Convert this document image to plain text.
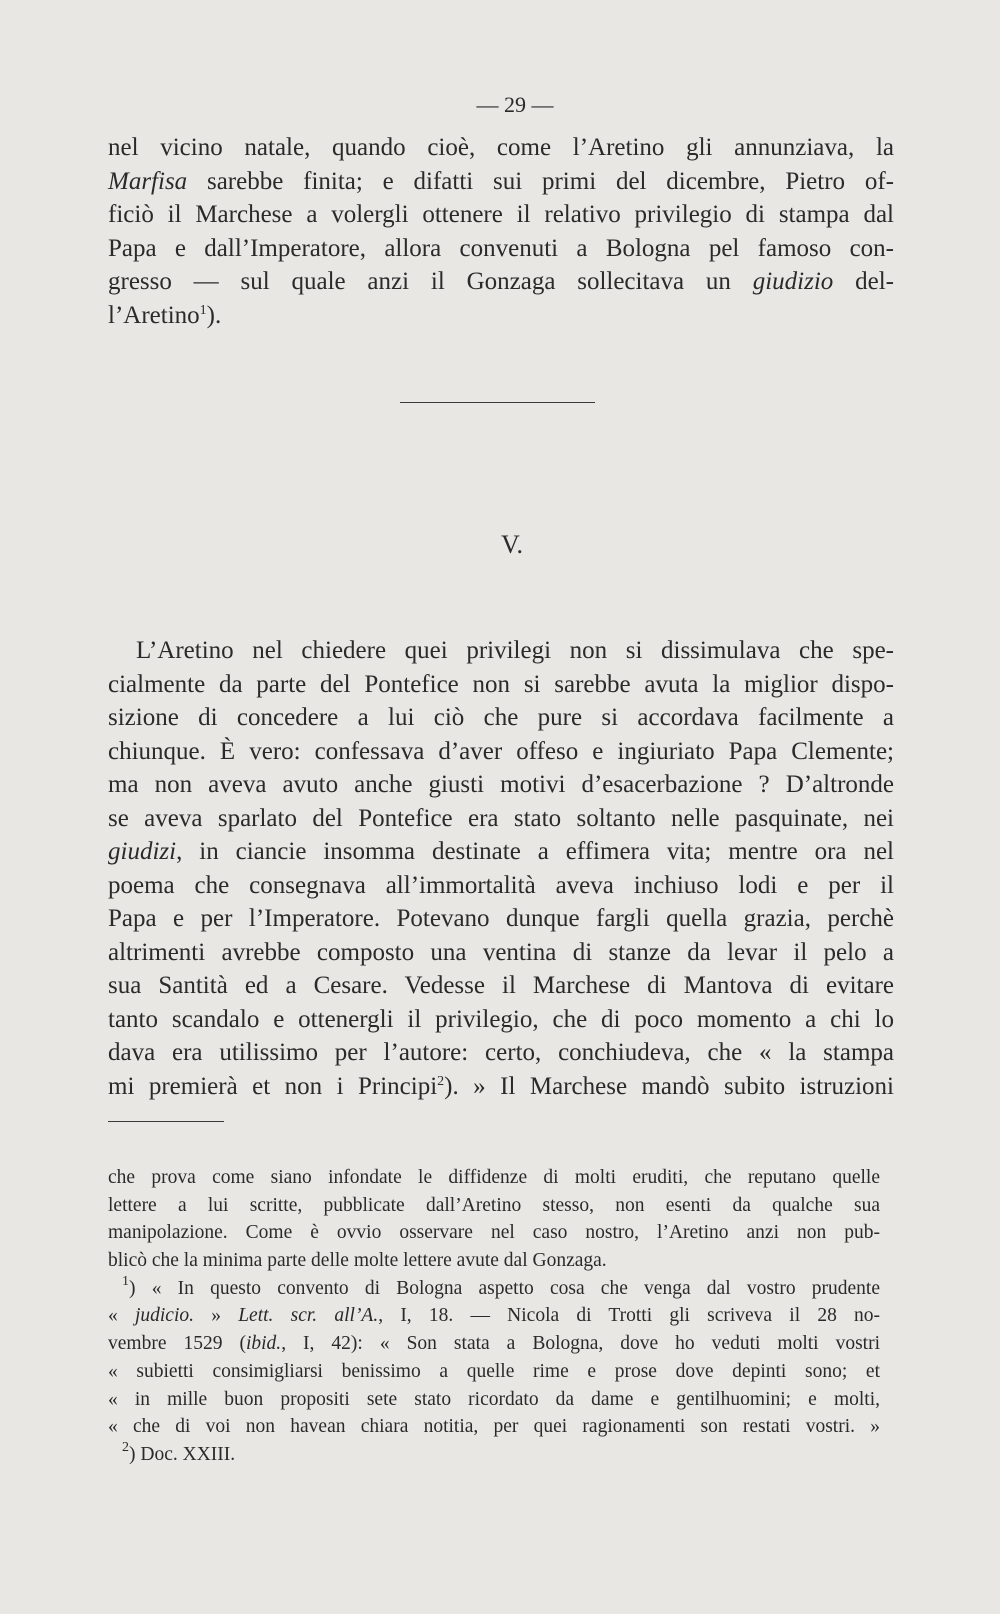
— 29 —
nel vicino natale, quando cioè, come l’Aretino gli annunziava, la
Marfisa sarebbe finita; e difatti sui primi del dicembre, Pietro of-
ficiò il Marchese a volergli ottenere il relativo privilegio di stampa dal
Papa e dall’Imperatore, allora convenuti a Bologna pel famoso con-
gresso — sul quale anzi il Gonzaga sollecitava un giudizio del-
l’Aretino$^1$).
V.
L’Aretino nel chiedere quei privilegi non si dissimulava che spe-
cialmente da parte del Pontefice non si sarebbe avuta la miglior dispo-
sizione di concedere a lui ciò che pure si accordava facilmente a
chiunque. È vero: confessava d’aver offeso e ingiuriato Papa Clemente;
ma non aveva avuto anche giusti motivi d’esacerbazione ? D’altronde
se aveva sparlato del Pontefice era stato soltanto nelle pasquinate, nei
giudizi, in ciancie insomma destinate a effimera vita; mentre ora nel
poema che consegnava all’immortalità aveva inchiuso lodi e per il
Papa e per l’Imperatore. Potevano dunque fargli quella grazia, perchè
altrimenti avrebbe composto una ventina di stanze da levar il pelo a
sua Santità ed a Cesare. Vedesse il Marchese di Mantova di evitare
tanto scandalo e ottenergli il privilegio, che di poco momento a chi lo
dava era utilissimo per l’autore: certo, conchiudeva, che « la stampa
mi premierà et non i Principi$^2$). » Il Marchese mandò subito istruzioni
che prova come siano infondate le diffidenze di molti eruditi, che reputano quelle
lettere a lui scritte, pubblicate dall’Aretino stesso, non esenti da qualche sua
manipolazione. Come è ovvio osservare nel caso nostro, l’Aretino anzi non pub-
blicò che la minima parte delle molte lettere avute dal Gonzaga.
$^1$) « In questo convento di Bologna aspetto cosa che venga dal vostro prudente
« judicio. » Lett. scr. all’A., I, 18. — Nicola di Trotti gli scriveva il 28 no-
vembre 1529 (ibid., I, 42): « Son stata a Bologna, dove ho veduti molti vostri
« subietti consimigliarsi benissimo a quelle rime e prose dove depinti sono; et
« in mille buon propositi sete stato ricordato da dame e gentilhuomini; e molti,
« che di voi non havean chiara notitia, per quei ragionamenti son restati vostri. »
$^2$) Doc. XXIII.
